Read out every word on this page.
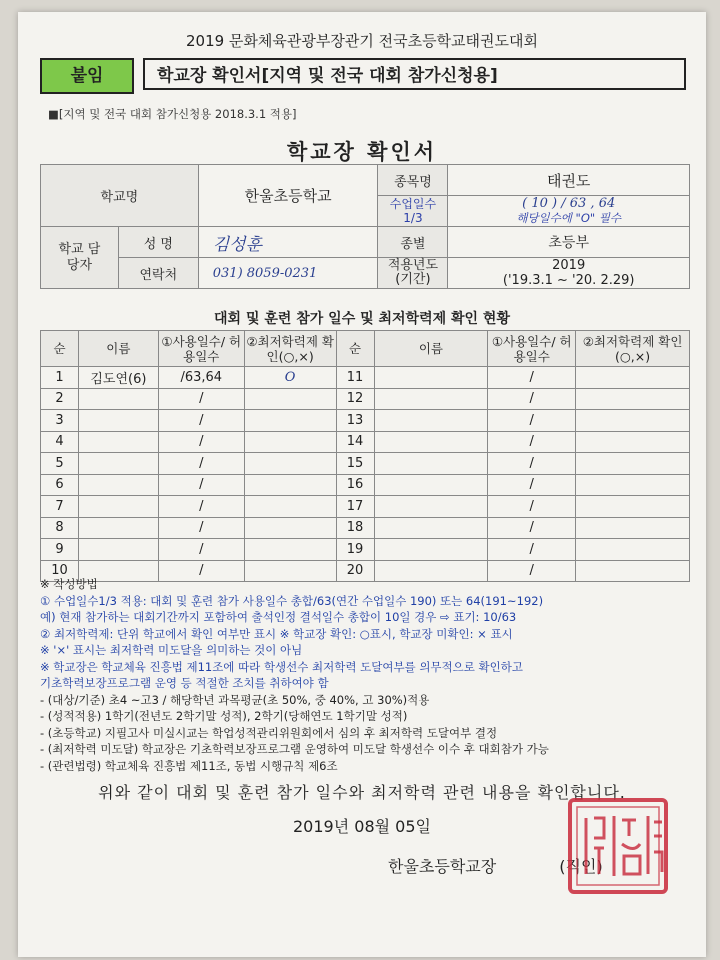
2019 문화체육관광부장관기 전국초등학교태권도대회
붙임	학교장 확인서[지역 및 전국 대회 참가신청용]
■[지역 및 전국 대회 참가신청용 2018.3.1 적용]
학교장 확인서
학교명		한울초등학교	종목명	태권도
			수업일수 1/3	( 10 ) / 63 , 64
해당일수에 "O" 필수

학교 담당자	성 명	김성훈	종별	초등부
	연락처	031) 8059-0231	적용년도 (기간)	2019
('19.3.1 ~ '20. 2.29)
대회 및 훈련 참가 일수 및 최저학력제 확인 현황
순	이름	①사용일수/ 허용일수	②최저학력제 확인(○,×)	순	이름	①사용일수/ 허용일수	②최저학력제 확인(○,×)
1	김도연(6)	/63,64	O	11		/	
2		/		12		/	
3		/		13		/	
4		/		14		/	
5		/		15		/	
6		/		16		/	
7		/		17		/	
8		/		18		/	
9		/		19		/	
10		/		20		/	
※ 작성방법
① 수업일수1/3 적용: 대회 및 훈련 참가 사용일수 총합/63(연간 수업일수 190) 또는 64(191~192)
예) 현재 참가하는 대회기간까지 포함하여 출석인정 결석일수 총합이 10일 경우 ⇨ 표기: 10/63
② 최저학력제: 단위 학교에서 확인 여부만 표시 ※ 학교장 확인: ○표시, 학교장 미확인: × 표시
※ '×' 표시는 최저학력 미도달을 의미하는 것이 아님
※ 학교장은 학교체육 진흥법 제11조에 따라 학생선수 최저학력 도달여부를 의무적으로 확인하고
기초학력보장프로그램 운영 등 적절한 조치를 취하여야 함
- (대상/기준) 초4 ~고3 / 해당학년 과목평균(초 50%, 중 40%, 고 30%)적용
- (성적적용) 1학기(전년도 2학기말 성적), 2학기(당해연도 1학기말 성적)
- (초등학교) 지필고사 미실시교는 학업성적관리위원회에서 심의 후 최저학력 도달여부 결정
- (최저학력 미도달) 학교장은 기초학력보장프로그램 운영하여 미도달 학생선수 이수 후 대회참가 가능
- (관련법령) 학교체육 진흥법 제11조, 동법 시행규칙 제6조
위와 같이 대회 및 훈련 참가 일수와 최저학력 관련 내용을 확인합니다.
2019년 08월 05일
한울초등학교장	(직인)
